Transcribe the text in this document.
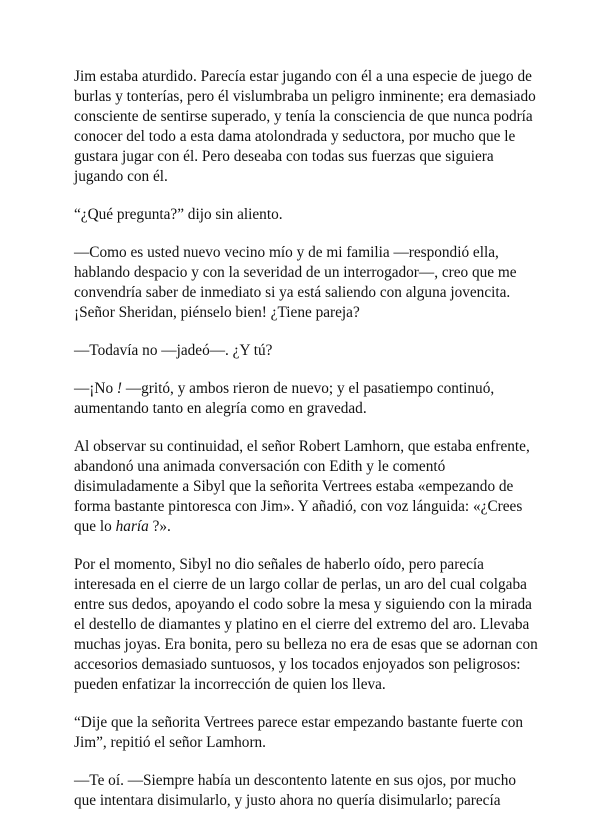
Jim estaba aturdido. Parecía estar jugando con él a una especie de juego de
burlas y tonterías, pero él vislumbraba un peligro inminente; era demasiado
consciente de sentirse superado, y tenía la consciencia de que nunca podría
conocer del todo a esta dama atolondrada y seductora, por mucho que le
gustara jugar con él. Pero deseaba con todas sus fuerzas que siguiera
jugando con él.

“¿Qué pregunta?” dijo sin aliento.

—Como es usted nuevo vecino mío y de mi familia —respondió ella,
hablando despacio y con la severidad de un interrogador—, creo que me
convendría saber de inmediato si ya está saliendo con alguna jovencita.
¡Señor Sheridan, piénselo bien! ¿Tiene pareja?

—Todavía no —jadeó—. ¿Y tú?

—¡No ! —gritó, y ambos rieron de nuevo; y el pasatiempo continuó,
aumentando tanto en alegría como en gravedad.

Al observar su continuidad, el señor Robert Lamhorn, que estaba enfrente,
abandonó una animada conversación con Edith y le comentó
disimuladamente a Sibyl que la señorita Vertrees estaba «empezando de
forma bastante pintoresca con Jim». Y añadió, con voz lánguida: «¿Crees
que lo haría ?».

Por el momento, Sibyl no dio señales de haberlo oído, pero parecía
interesada en el cierre de un largo collar de perlas, un aro del cual colgaba
entre sus dedos, apoyando el codo sobre la mesa y siguiendo con la mirada
el destello de diamantes y platino en el cierre del extremo del aro. Llevaba
muchas joyas. Era bonita, pero su belleza no era de esas que se adornan con
accesorios demasiado suntuosos, y los tocados enjoyados son peligrosos:
pueden enfatizar la incorrección de quien los lleva.

“Dije que la señorita Vertrees parece estar empezando bastante fuerte con
Jim”, repitió el señor Lamhorn.

—Te oí. —Siempre había un descontento latente en sus ojos, por mucho
que intentara disimularlo, y justo ahora no quería disimularlo; parecía
